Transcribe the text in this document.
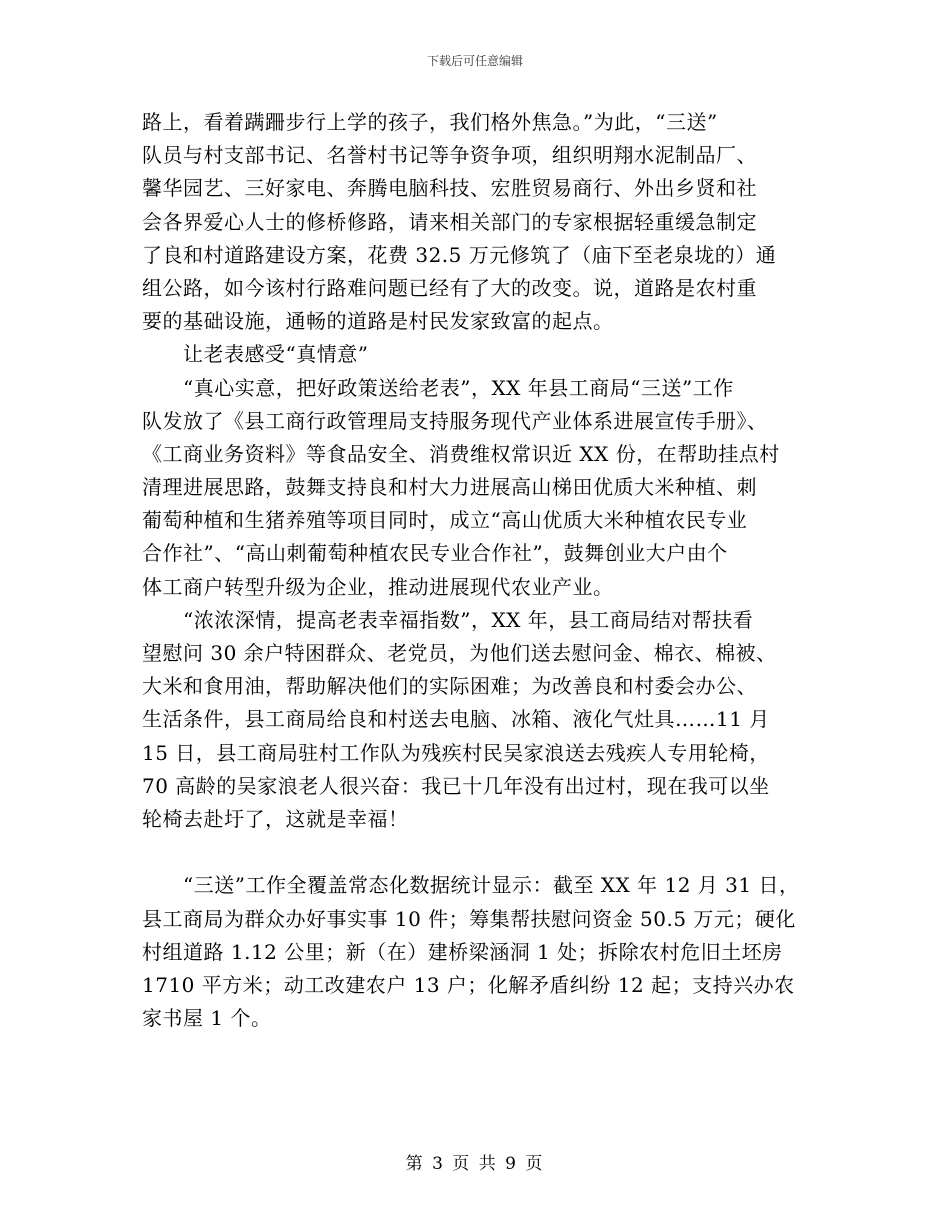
下载后可任意编辑
路上，看着蹒跚步行上学的孩子，我们格外焦急。”为此，“三送”
队员与村支部书记、名誉村书记等争资争项，组织明翔水泥制品厂、
馨华园艺、三好家电、奔腾电脑科技、宏胜贸易商行、外出乡贤和社
会各界爱心人士的修桥修路，请来相关部门的专家根据轻重缓急制定
了良和村道路建设方案，花费 32.5 万元修筑了（庙下至老泉垅的）通
组公路，如今该村行路难问题已经有了大的改变。说，道路是农村重
要的基础设施，通畅的道路是村民发家致富的起点。
　　让老表感受“真情意”
　　“真心实意，把好政策送给老表”，XX 年县工商局“三送”工作
队发放了《县工商行政管理局支持服务现代产业体系进展宣传手册》、
《工商业务资料》等食品安全、消费维权常识近 XX 份，在帮助挂点村
清理进展思路，鼓舞支持良和村大力进展高山梯田优质大米种植、刺
葡萄种植和生猪养殖等项目同时，成立“高山优质大米种植农民专业
合作社”、“高山刺葡萄种植农民专业合作社”，鼓舞创业大户由个
体工商户转型升级为企业，推动进展现代农业产业。
　　“浓浓深情，提高老表幸福指数”，XX 年，县工商局结对帮扶看
望慰问 30 余户特困群众、老党员，为他们送去慰问金、棉衣、棉被、
大米和食用油，帮助解决他们的实际困难；为改善良和村委会办公、
生活条件，县工商局给良和村送去电脑、冰箱、液化气灶具……11 月
15 日，县工商局驻村工作队为残疾村民吴家浪送去残疾人专用轮椅，
70 高龄的吴家浪老人很兴奋：我已十几年没有出过村，现在我可以坐
轮椅去赴圩了，这就是幸福！
　　“三送”工作全覆盖常态化数据统计显示：截至 XX 年 12 月 31 日，
县工商局为群众办好事实事 10 件；筹集帮扶慰问资金 50.5 万元；硬化
村组道路 1.12 公里；新（在）建桥梁涵洞 1 处；拆除农村危旧土坯房
1710 平方米；动工改建农户 13 户；化解矛盾纠纷 12 起；支持兴办农
家书屋 1 个。
第 3 页 共 9 页
